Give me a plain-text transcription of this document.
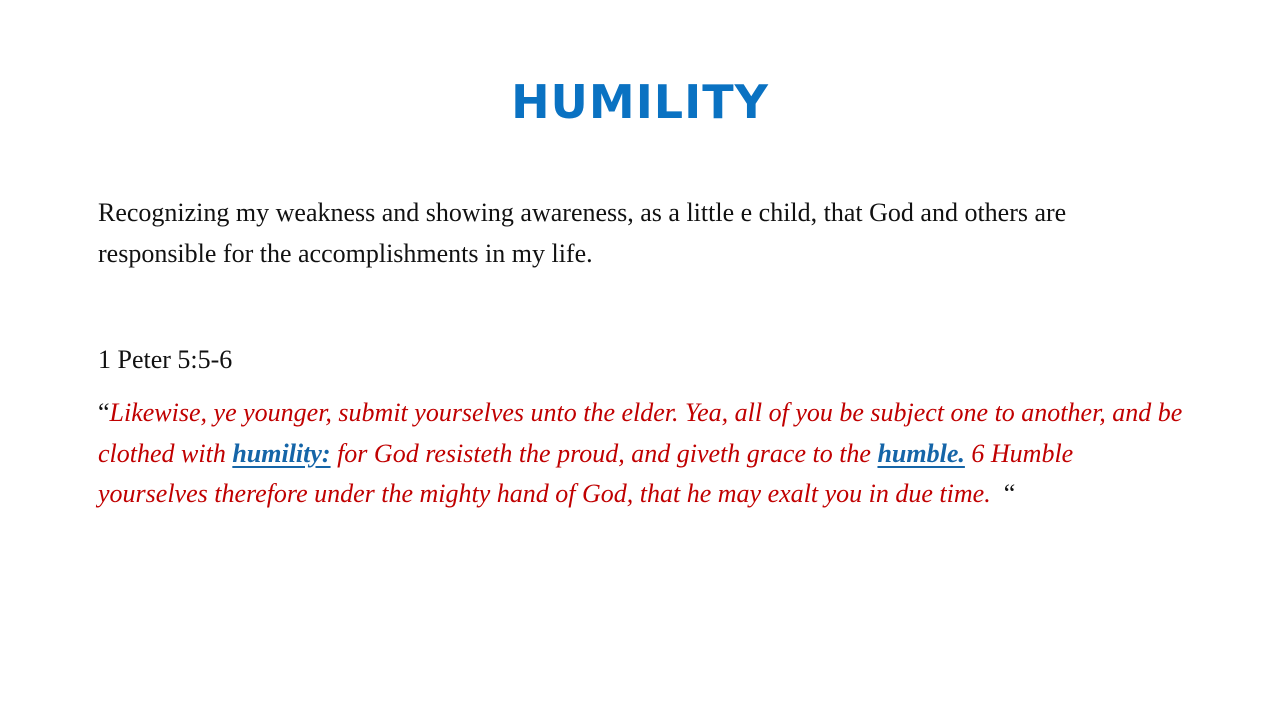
HUMILITY
Recognizing my weakness and showing awareness, as a little e child, that God and others are responsible for the accomplishments in my life.
1 Peter 5:5-6
“Likewise, ye younger, submit yourselves unto the elder. Yea, all of you be subject one to another, and be clothed with humility: for God resisteth the proud, and giveth grace to the humble. 6 Humble yourselves therefore under the mighty hand of God, that he may exalt you in due time.  “
